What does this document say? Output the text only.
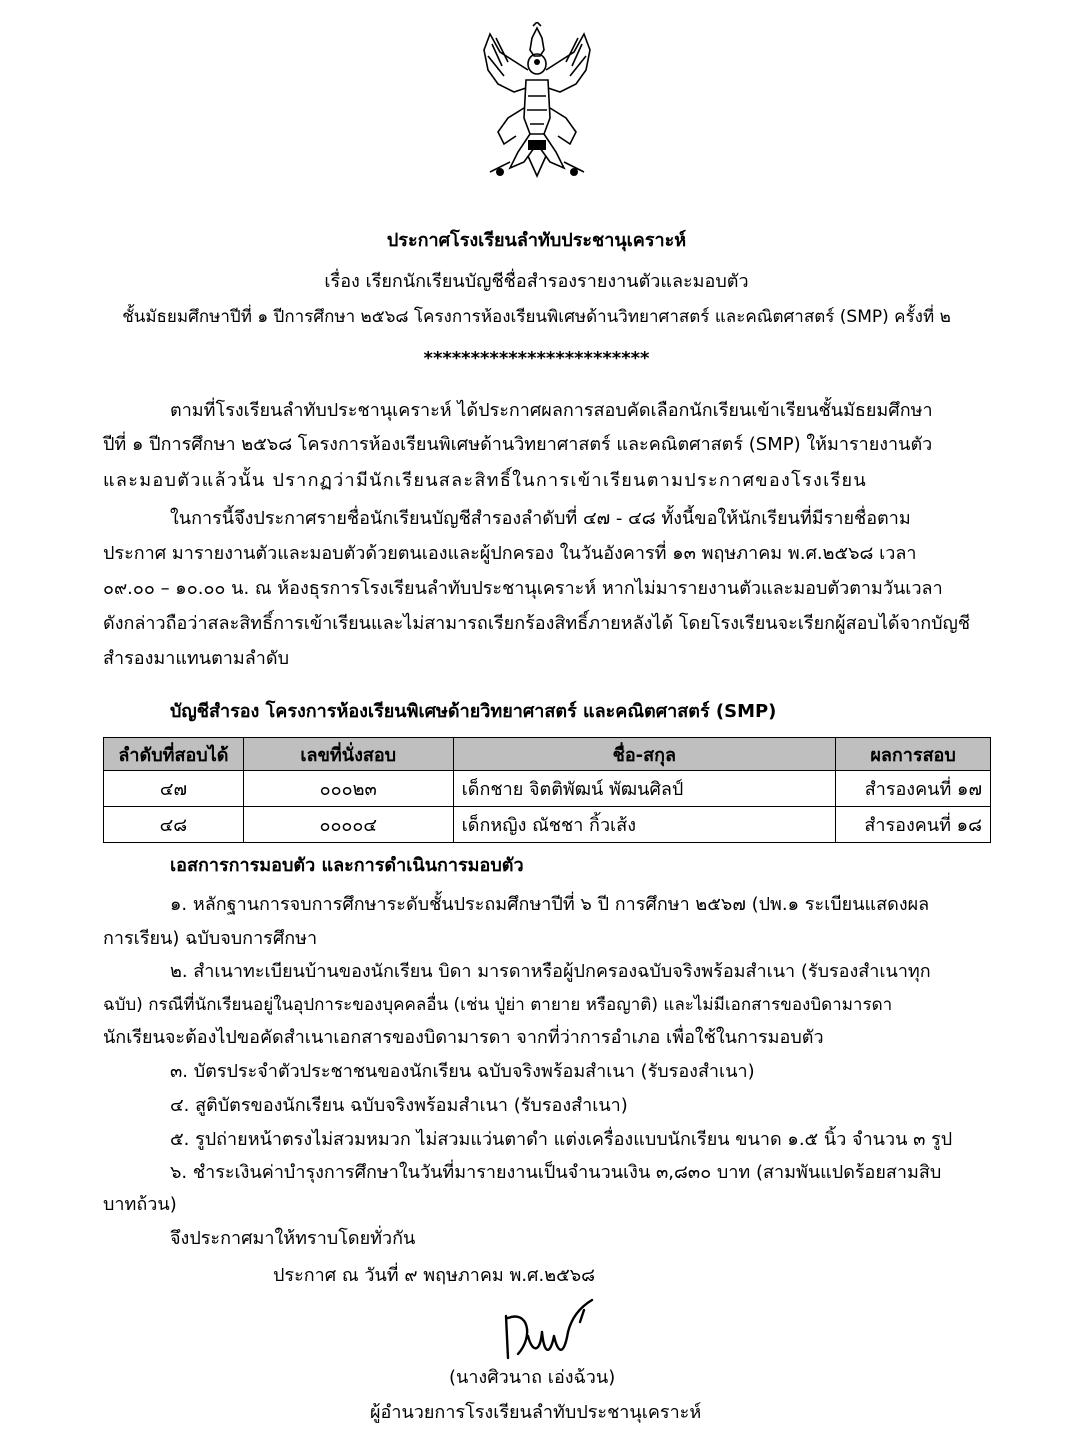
ประกาศโรงเรียนลำทับประชานุเคราะห์
เรื่อง เรียกนักเรียนบัญชีชื่อสำรองรายงานตัวและมอบตัว
ชั้นมัธยมศึกษาปีที่ ๑ ปีการศึกษา ๒๕๖๘ โครงการห้องเรียนพิเศษด้านวิทยาศาสตร์ และคณิตศาสตร์ (SMP) ครั้งที่ ๒
************************
ตามที่โรงเรียนลำทับประชานุเคราะห์ ได้ประกาศผลการสอบคัดเลือกนักเรียนเข้าเรียนชั้นมัธยมศึกษา
ปีที่ ๑ ปีการศึกษา ๒๕๖๘ โครงการห้องเรียนพิเศษด้านวิทยาศาสตร์ และคณิตศาสตร์ (SMP) ให้มารายงานตัว
และมอบตัวแล้วนั้น ปรากฏว่ามีนักเรียนสละสิทธิ์ในการเข้าเรียนตามประกาศของโรงเรียน
ในการนี้จึงประกาศรายชื่อนักเรียนบัญชีสำรองลำดับที่ ๔๗ - ๔๘ ทั้งนี้ขอให้นักเรียนที่มีรายชื่อตาม
ประกาศ มารายงานตัวและมอบตัวด้วยตนเองและผู้ปกครอง ในวันอังคารที่ ๑๓ พฤษภาคม พ.ศ.๒๕๖๘ เวลา
๐๙.๐๐ – ๑๐.๐๐ น. ณ ห้องธุรการโรงเรียนลำทับประชานุเคราะห์ หากไม่มารายงานตัวและมอบตัวตามวันเวลา
ดังกล่าวถือว่าสละสิทธิ์การเข้าเรียนและไม่สามารถเรียกร้องสิทธิ์ภายหลังได้ โดยโรงเรียนจะเรียกผู้สอบได้จากบัญชี
สำรองมาแทนตามลำดับ
บัญชีสำรอง โครงการห้องเรียนพิเศษด้ายวิทยาศาสตร์ และคณิตศาสตร์ (SMP)
ลำดับที่สอบได้	เลขที่นั่งสอบ	ชื่อ-สกุล	ผลการสอบ
๔๗	๐๐๐๒๓	เด็กชาย จิตติพัฒน์ พัฒนศิลป์	สำรองคนที่ ๑๗
๔๘	๐๐๐๐๔	เด็กหญิง ณัชชา กิ้วเส้ง	สำรองคนที่ ๑๘
เอสการการมอบตัว และการดำเนินการมอบตัว
๑. หลักฐานการจบการศึกษาระดับชั้นประถมศึกษาปีที่ ๖ ปี การศึกษา ๒๕๖๗ (ปพ.๑ ระเบียนแสดงผล
การเรียน) ฉบับจบการศึกษา
๒. สำเนาทะเบียนบ้านของนักเรียน บิดา มารดาหรือผู้ปกครองฉบับจริงพร้อมสำเนา (รับรองสำเนาทุก
ฉบับ) กรณีที่นักเรียนอยู่ในอุปการะของบุคคลอื่น (เช่น ปู่ย่า ตายาย หรือญาติ) และไม่มีเอกสารของบิดามารดา
นักเรียนจะต้องไปขอคัดสำเนาเอกสารของบิดามารดา จากที่ว่าการอำเภอ เพื่อใช้ในการมอบตัว
๓. บัตรประจำตัวประชาชนของนักเรียน ฉบับจริงพร้อมสำเนา (รับรองสำเนา)
๔. สูติบัตรของนักเรียน ฉบับจริงพร้อมสำเนา (รับรองสำเนา)
๕. รูปถ่ายหน้าตรงไม่สวมหมวก ไม่สวมแว่นตาดำ แต่งเครื่องแบบนักเรียน ขนาด ๑.๕ นิ้ว จำนวน ๓ รูป
๖. ชำระเงินค่าบำรุงการศึกษาในวันที่มารายงานเป็นจำนวนเงิน ๓,๘๓๐ บาท (สามพันแปดร้อยสามสิบ
บาทถ้วน)
จึงประกาศมาให้ทราบโดยทั่วกัน
ประกาศ ณ วันที่ ๙ พฤษภาคม พ.ศ.๒๕๖๘
(นางศิวนาถ เอ่งฉ้วน)
ผู้อำนวยการโรงเรียนลำทับประชานุเคราะห์
